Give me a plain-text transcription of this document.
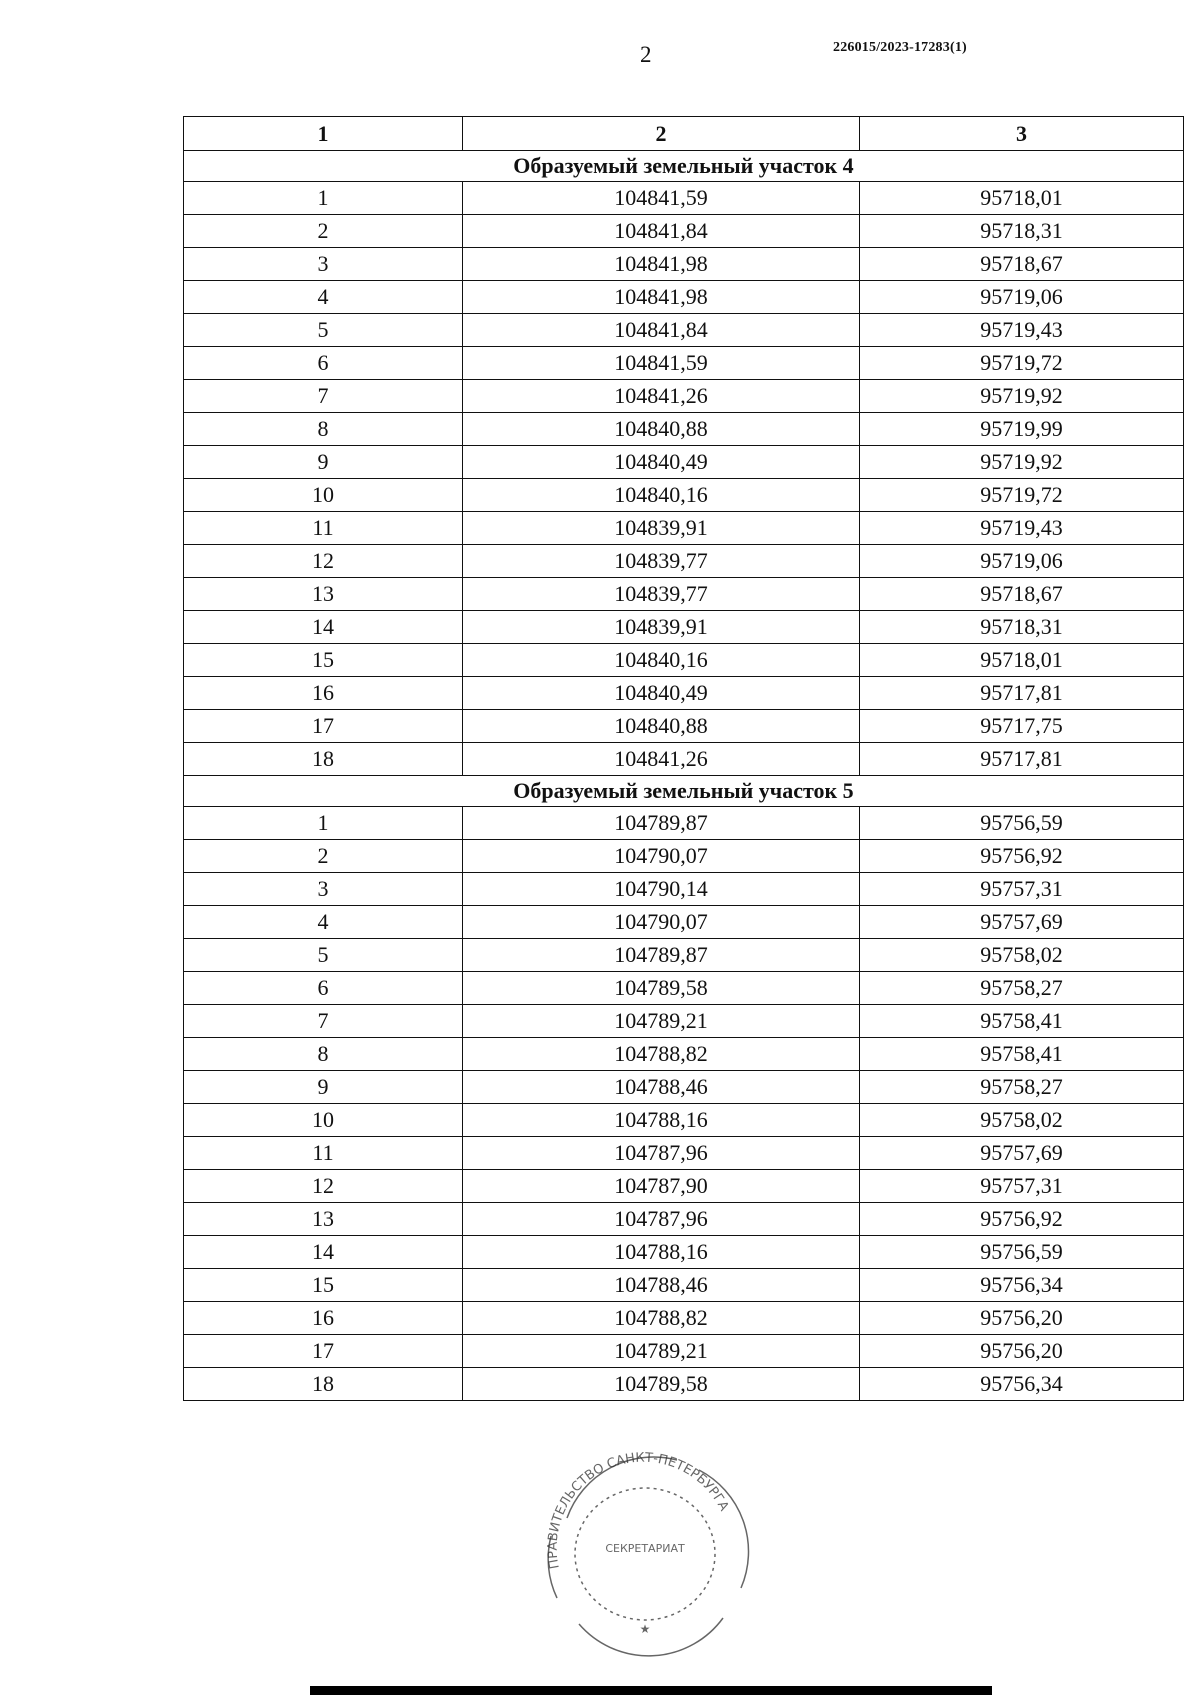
2	226015/2023-17283(1)
1	2	3
Образуемый земельный участок 4		
1	104841,59	95718,01
2	104841,84	95718,31
3	104841,98	95718,67
4	104841,98	95719,06
5	104841,84	95719,43
6	104841,59	95719,72
7	104841,26	95719,92
8	104840,88	95719,99
9	104840,49	95719,92
10	104840,16	95719,72
11	104839,91	95719,43
12	104839,77	95719,06
13	104839,77	95718,67
14	104839,91	95718,31
15	104840,16	95718,01
16	104840,49	95717,81
17	104840,88	95717,75
18	104841,26	95717,81
Образуемый земельный участок 5		
1	104789,87	95756,59
2	104790,07	95756,92
3	104790,14	95757,31
4	104790,07	95757,69
5	104789,87	95758,02
6	104789,58	95758,27
7	104789,21	95758,41
8	104788,82	95758,41
9	104788,46	95758,27
10	104788,16	95758,02
11	104787,96	95757,69
12	104787,90	95757,31
13	104787,96	95756,92
14	104788,16	95756,59
15	104788,46	95756,34
16	104788,82	95756,20
17	104789,21	95756,20
18	104789,58	95756,34
ПРАВИТЕЛЬСТВО САНКТ-ПЕТЕРБУРГА
СЕКРЕТАРИАТ
★
